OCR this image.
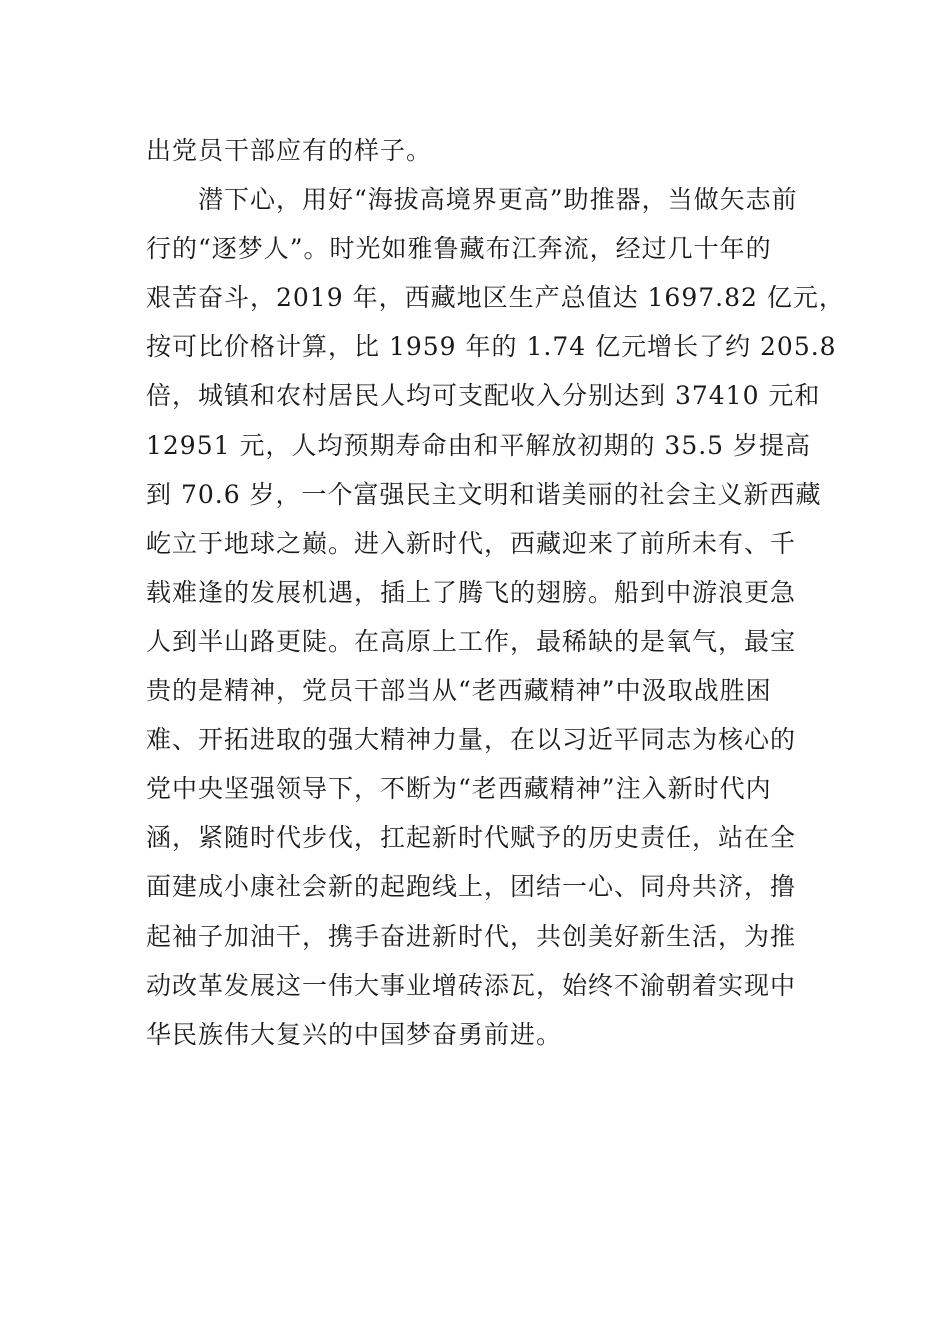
出党员干部应有的样子。
潜下心，用好“海拔高境界更高”助推器，当做矢志前
行的“逐梦人”。时光如雅鲁藏布江奔流，经过几十年的
艰苦奋斗，2019 年，西藏地区生产总值达 1697.82 亿元，
按可比价格计算，比 1959 年的 1.74 亿元增长了约 205.8
倍，城镇和农村居民人均可支配收入分别达到 37410 元和
12951 元，人均预期寿命由和平解放初期的 35.5 岁提高
到 70.6 岁，一个富强民主文明和谐美丽的社会主义新西藏
屹立于地球之巅。进入新时代，西藏迎来了前所未有、千
载难逢的发展机遇，插上了腾飞的翅膀。船到中游浪更急
人到半山路更陡。在高原上工作，最稀缺的是氧气，最宝
贵的是精神，党员干部当从“老西藏精神”中汲取战胜困
难、开拓进取的强大精神力量，在以习近平同志为核心的
党中央坚强领导下，不断为“老西藏精神”注入新时代内
涵，紧随时代步伐，扛起新时代赋予的历史责任，站在全
面建成小康社会新的起跑线上，团结一心、同舟共济，撸
起袖子加油干，携手奋进新时代，共创美好新生活，为推
动改革发展这一伟大事业增砖添瓦，始终不渝朝着实现中
华民族伟大复兴的中国梦奋勇前进。
